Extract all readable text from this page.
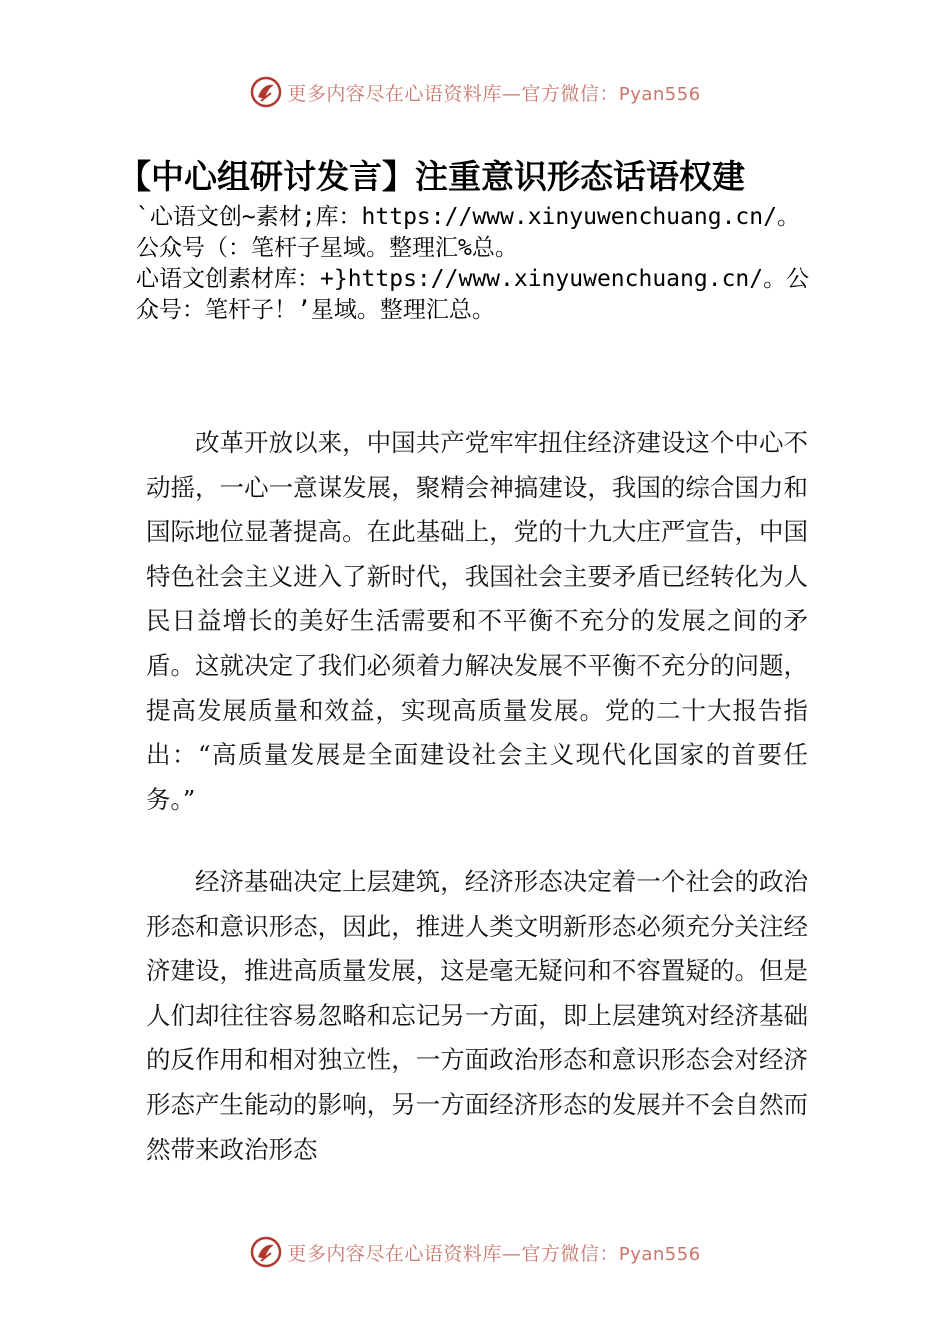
更多内容尽在心语资料库—官方微信：Pyan556
【中心组研讨发言】注重意识形态话语权建
`心语文创~素材;库：https://www.xinyuwenchuang.cn/。
公众号（：笔杆子星域。整理汇%总。
心语文创素材库：+}https://www.xinyuwenchuang.cn/。公
众号：笔杆子！’星域。整理汇总。

改革开放以来，中国共产党牢牢扭住经济建设这个中心不动摇，一心一意谋发展，聚精会神搞建设，我国的综合国力和国际地位显著提高。在此基础上，党的十九大庄严宣告，中国特色社会主义进入了新时代，我国社会主要矛盾已经转化为人民日益增长的美好生活需要和不平衡不充分的发展之间的矛盾。这就决定了我们必须着力解决发展不平衡不充分的问题，提高发展质量和效益，实现高质量发展。党的二十大报告指出：“高质量发展是全面建设社会主义现代化国家的首要任务。”

经济基础决定上层建筑，经济形态决定着一个社会的政治形态和意识形态，因此，推进人类文明新形态必须充分关注经济建设，推进高质量发展，这是毫无疑问和不容置疑的。但是人们却往往容易忽略和忘记另一方面，即上层建筑对经济基础的反作用和相对独立性，一方面政治形态和意识形态会对经济形态产生能动的影响，另一方面经济形态的发展并不会自然而然带来政治形态

更多内容尽在心语资料库—官方微信：Pyan556
